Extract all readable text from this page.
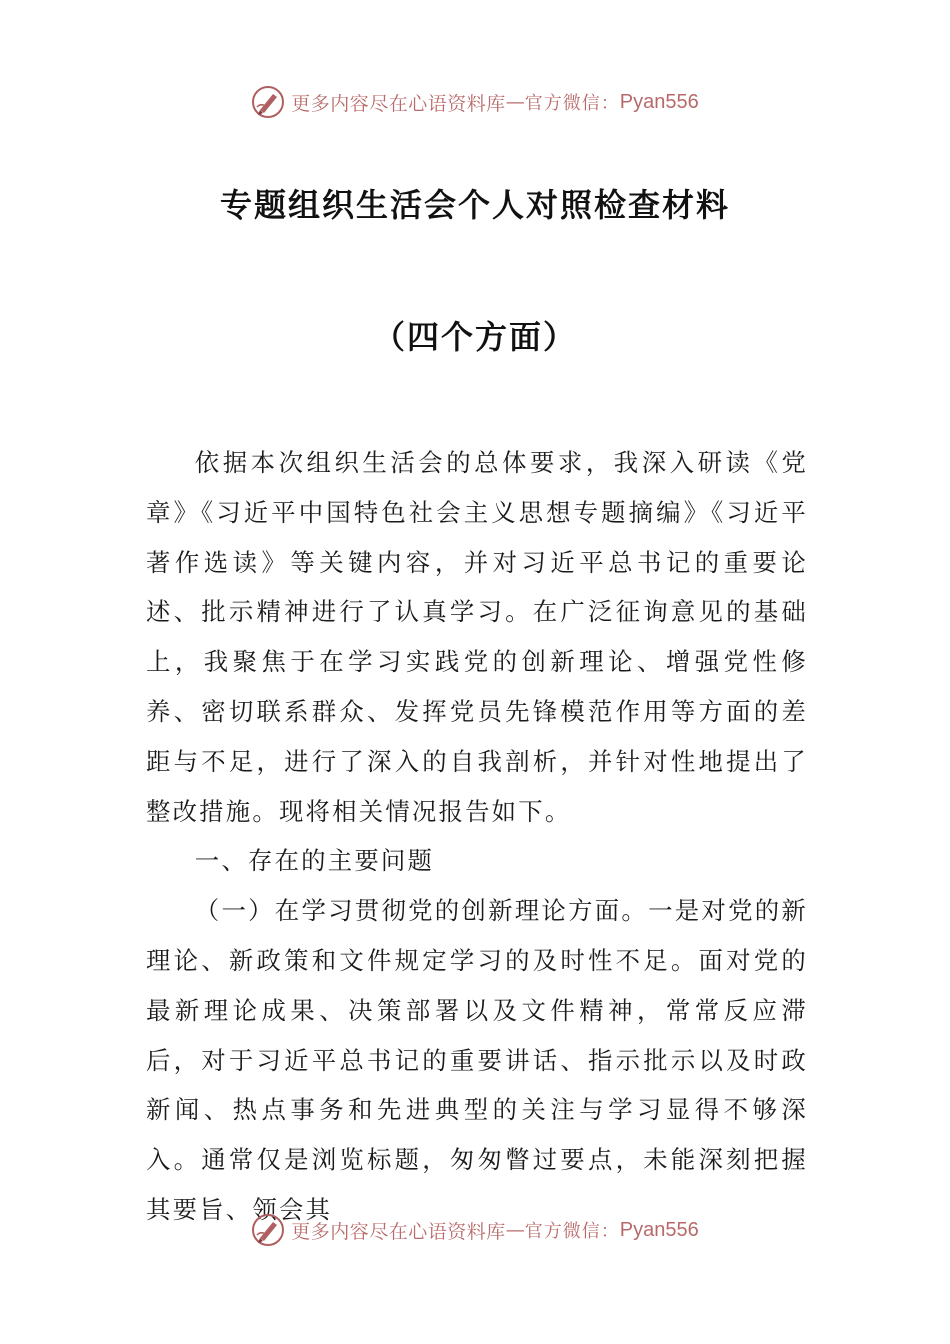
更多内容尽在心语资料库 — 官方微信： Pyan556
专题组织生活会个人对照检查材料
（四个方面）

依据本次组织生活会的总体要求，我深入研读《党章》《习近平中国特色社会主义思想专题摘编》《习近平著作选读》等关键内容，并对习近平总书记的重要论述、批示精神进行了认真学习。在广泛征询意见的基础上，我聚焦于在学习实践党的创新理论、增强党性修养、密切联系群众、发挥党员先锋模范作用等方面的差距与不足，进行了深入的自我剖析，并针对性地提出了整改措施。现将相关情况报告如下。

一、存在的主要问题

（一）在学习贯彻党的创新理论方面。一是对党的新理论、新政策和文件规定学习的及时性不足。面对党的最新理论成果、决策部署以及文件精神，常常反应滞后，对于习近平总书记的重要讲话、指示批示以及时政新闻、热点事务和先进典型的关注与学习显得不够深入。通常仅是浏览标题，匆匆瞥过要点，未能深刻把握其要旨、领会其

更多内容尽在心语资料库 — 官方微信： Pyan556
